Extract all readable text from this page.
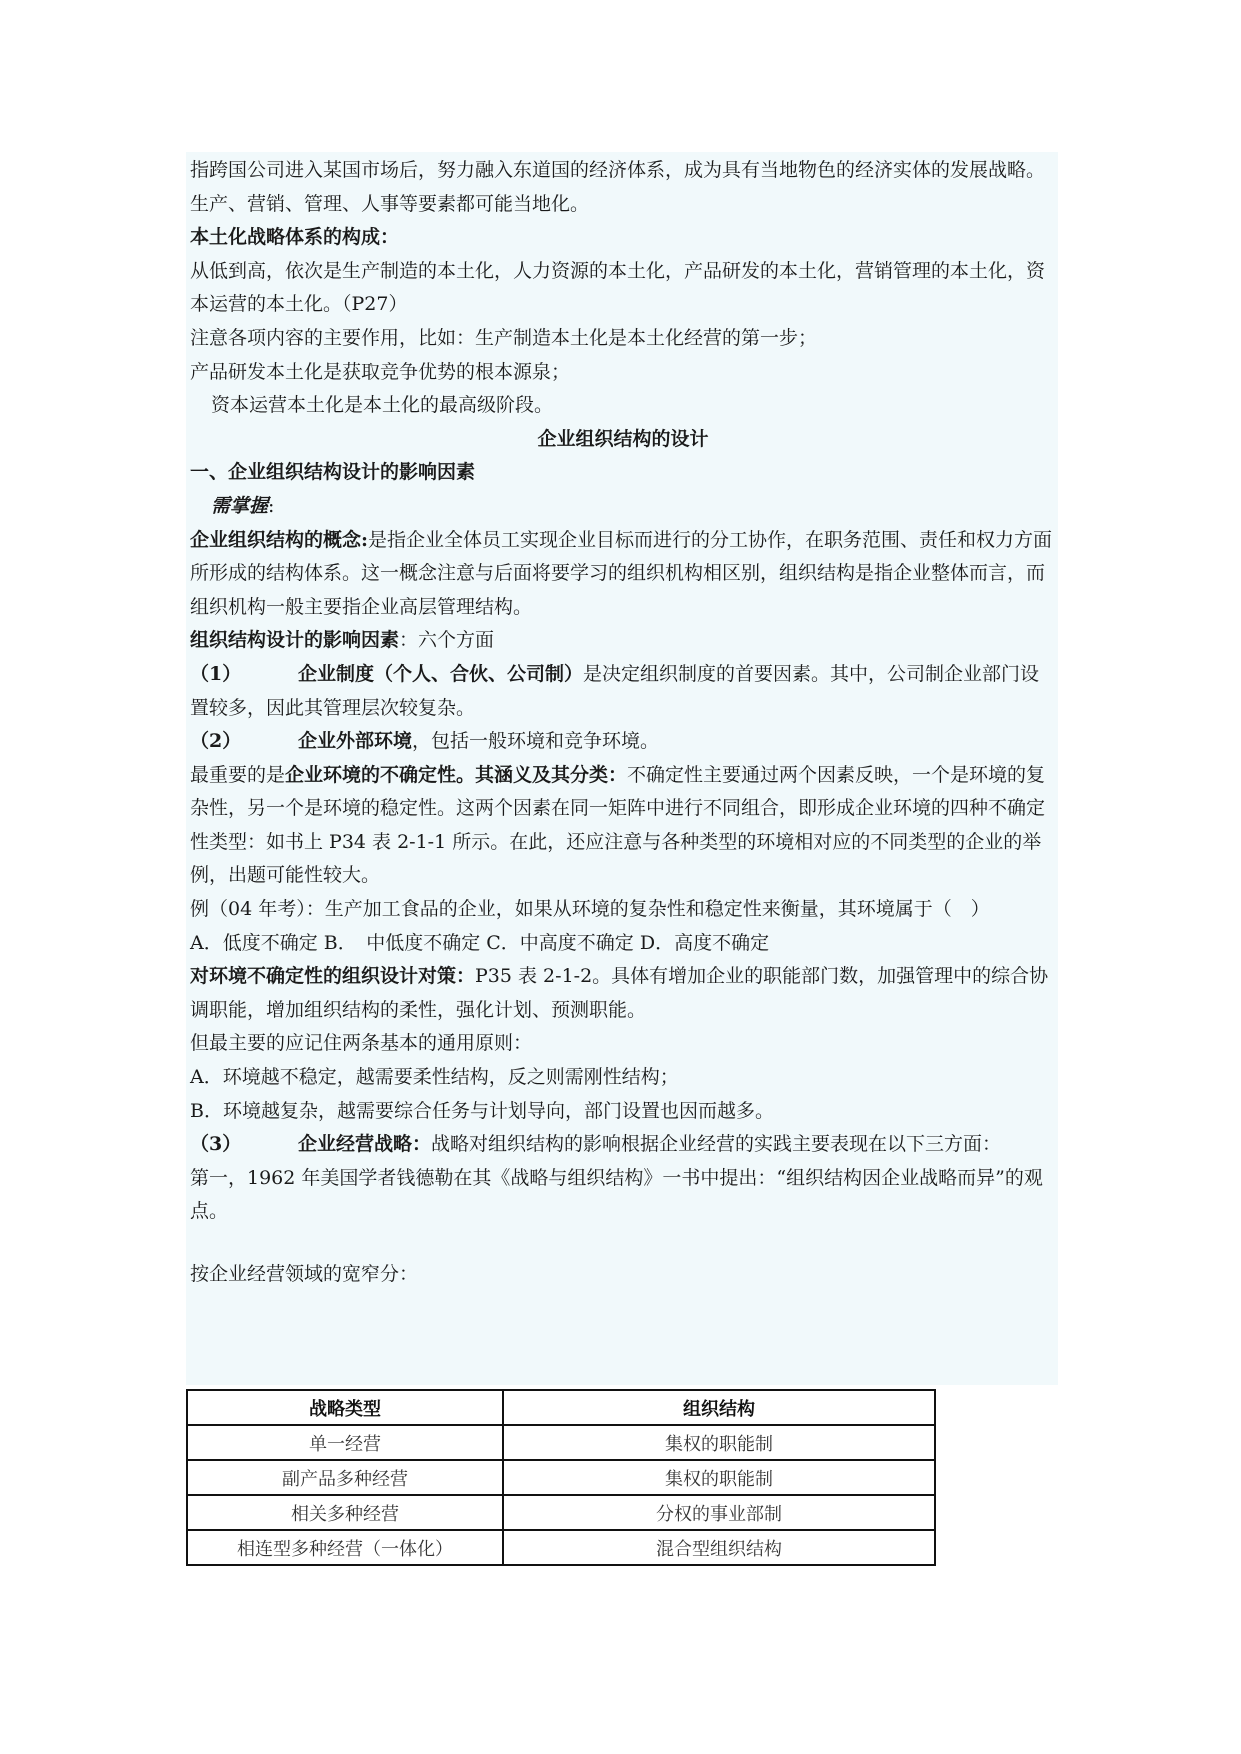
指跨国公司进入某国市场后，努力融入东道国的经济体系，成为具有当地物色的经济实体的发展战略。生产、营销、管理、人事等要素都可能当地化。

本土化战略体系的构成：

从低到高，依次是生产制造的本土化，人力资源的本土化，产品研发的本土化，营销管理的本土化，资本运营的本土化。（P27）

注意各项内容的主要作用，比如：生产制造本土化是本土化经营的第一步；

产品研发本土化是获取竞争优势的根本源泉；

资本运营本土化是本土化的最高级阶段。

企业组织结构的设计

一、企业组织结构设计的影响因素

需掌握:

企业组织结构的概念:是指企业全体员工实现企业目标而进行的分工协作，在职务范围、责任和权力方面所形成的结构体系。这一概念注意与后面将要学习的组织机构相区别，组织结构是指企业整体而言，而组织机构一般主要指企业高层管理结构。

组织结构设计的影响因素：六个方面

（1）	企业制度（个人、合伙、公司制）是决定组织制度的首要因素。其中，公司制企业部门设置较多，因此其管理层次较复杂。

（2）	企业外部环境，包括一般环境和竞争环境。

最重要的是企业环境的不确定性。其涵义及其分类：不确定性主要通过两个因素反映，一个是环境的复杂性，另一个是环境的稳定性。这两个因素在同一矩阵中进行不同组合，即形成企业环境的四种不确定性类型：如书上 P34 表 2-1-1 所示。在此，还应注意与各种类型的环境相对应的不同类型的企业的举例，出题可能性较大。

例（04 年考）：生产加工食品的企业，如果从环境的复杂性和稳定性来衡量，其环境属于（　）

A．低度不确定 B．　中低度不确定 C．中高度不确定 D．高度不确定

对环境不确定性的组织设计对策：P35 表 2-1-2。具体有增加企业的职能部门数，加强管理中的综合协调职能，增加组织结构的柔性，强化计划、预测职能。

但最主要的应记住两条基本的通用原则：

A．环境越不稳定，越需要柔性结构，反之则需刚性结构；

B．环境越复杂，越需要综合任务与计划导向，部门设置也因而越多。

（3）	企业经营战略：战略对组织结构的影响根据企业经营的实践主要表现在以下三方面：

第一，1962 年美国学者钱德勒在其《战略与组织结构》一书中提出：“组织结构因企业战略而异”的观点。

按企业经营领域的宽窄分：

战略类型	组织结构
单一经营	集权的职能制
副产品多种经营	集权的职能制
相关多种经营	分权的事业部制
相连型多种经营（一体化）	混合型组织结构
